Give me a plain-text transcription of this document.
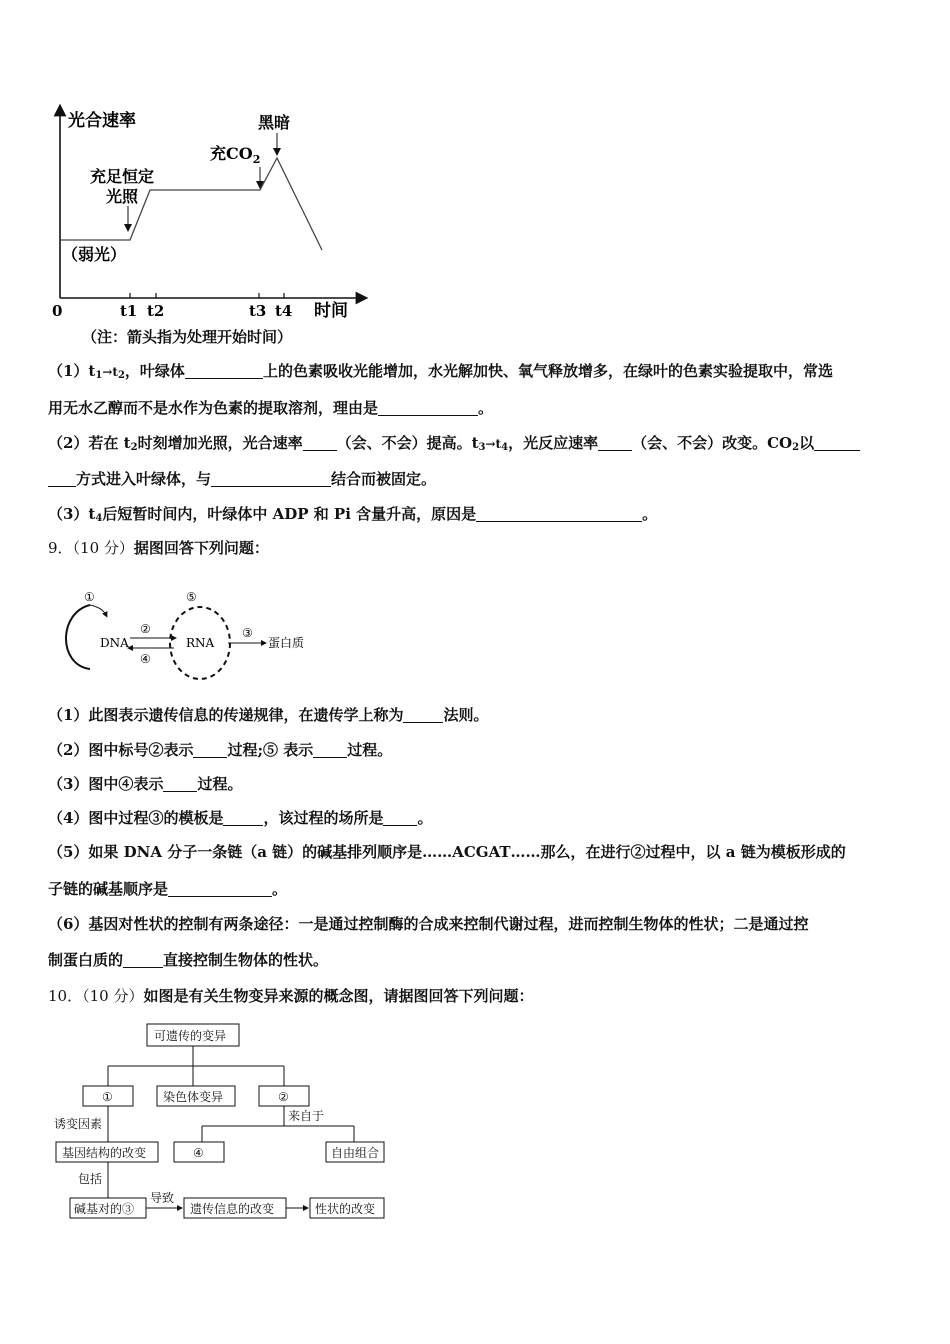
光合速率
时间
0	t1 t2	t3 t4
（弱光）
充足恒定
光照
充$CO_2$
黑暗
（注：箭头指为处理开始时间）
$(1)t_1\to t_2$，叶绿体	上的色素吸收光能增加，水光解加快、氧气释放增多，在绿叶的色素实验提取中，常选
用无水乙醇而不是水作为色素的提取溶剂，理由是	。
（2）若在 $t_2$时刻增加光照，光合速率 （会、不会）提高。$t_3\to t_4$，光反应速率 （会、不会）改变。$CO_2$以
方式进入叶绿体，与	结合而被固定。
$(3)t_4$后短暂时间内，叶绿体中 ADP 和 Pi 含量升高，原因是	。
9．（10 分）据图回答下列问题：
①
DNA
②
④
⑤
RNA
③
蛋白质
（1）此图表示遗传信息的传递规律，在遗传学上称为	法则。
（2）图中标号②表示 过程;⑤ 表示 过程。
（3）图中④表示 过程。
（4）图中过程③的模板是	，该过程的场所是 。
（5）如果 DNA 分子一条链（a 链）的碱基排列顺序是……ACGAT……那么，在进行②过程中，以 a 链为模板形成的
子链的碱基顺序是	。
（6）基因对性状的控制有两条途径：一是通过控制酶的合成来控制代谢过程，进而控制生物体的性状；二是通过控
制蛋白质的	直接控制生物体的性状。
10．（10 分）如图是有关生物变异来源的概念图，请据图回答下列问题：
可遗传的变异
①	染色体变异	②
来自于
④	自由组合
诱变因素
基因结构的改变
包括
碱基对的③
导致
遗传信息的改变	性状的改变
